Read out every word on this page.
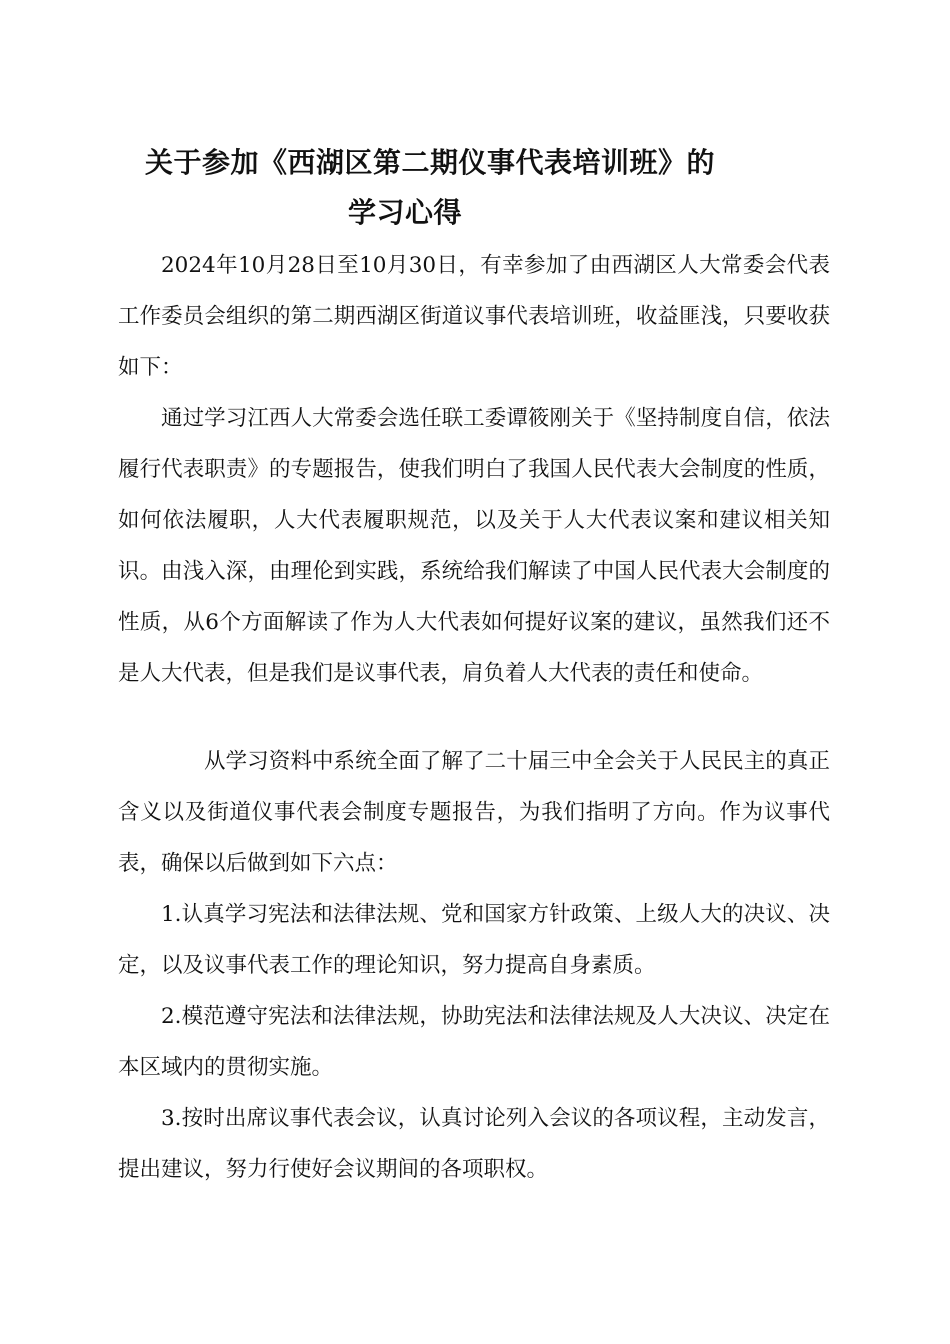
关于参加《西湖区第二期仪事代表培训班》的
学习心得
2024年10月28日至10月30日，有幸参加了由西湖区人大常委会代表工作委员会组织的第二期西湖区街道议事代表培训班，收益匪浅，只要收获如下：
通过学习江西人大常委会选任联工委谭筱刚关于《坚持制度自信，依法履行代表职责》的专题报告，使我们明白了我国人民代表大会制度的性质，如何依法履职，人大代表履职规范，以及关于人大代表议案和建议相关知识。由浅入深，由理伦到实践，系统给我们解读了中国人民代表大会制度的性质，从6个方面解读了作为人大代表如何提好议案的建议，虽然我们还不是人大代表，但是我们是议事代表，肩负着人大代表的责任和使命。
从学习资料中系统全面了解了二十届三中全会关于人民民主的真正含义以及街道仪事代表会制度专题报告，为我们指明了方向。作为议事代表，确保以后做到如下六点：
1.认真学习宪法和法律法规、党和国家方针政策、上级人大的决议、决定，以及议事代表工作的理论知识，努力提高自身素质。
2.模范遵守宪法和法律法规，协助宪法和法律法规及人大决议、决定在本区域内的贯彻实施。
3.按时出席议事代表会议，认真讨论列入会议的各项议程，主动发言，提出建议，努力行使好会议期间的各项职权。
